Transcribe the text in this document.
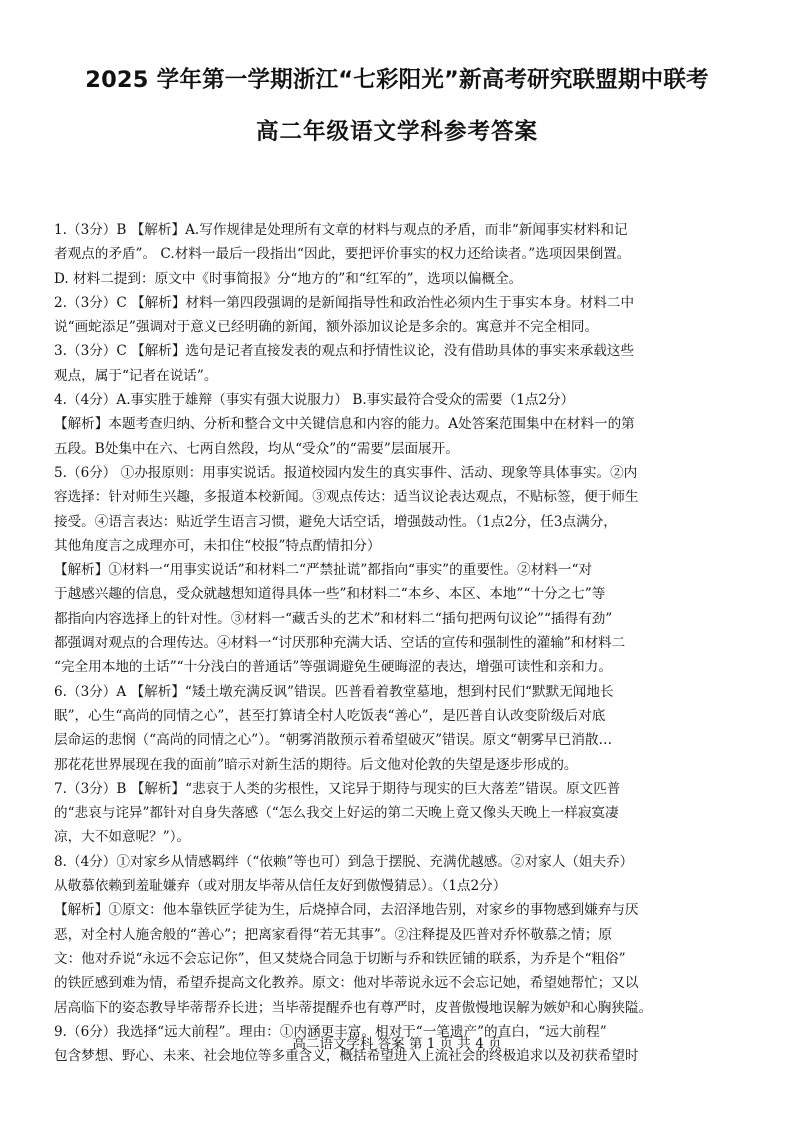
2025 学年第一学期浙江“七彩阳光”新高考研究联盟期中联考
高二年级语文学科参考答案
1.（3分）B 【解析】A.写作规律是处理所有文章的材料与观点的矛盾，而非“新闻事实材料和记
者观点的矛盾”。 C.材料一最后一段指出“因此，要把评价事实的权力还给读者。”选项因果倒置。
D. 材料二提到：原文中《时事简报》分“地方的”和“红军的”，选项以偏概全。
2.（3分）C 【解析】材料一第四段强调的是新闻指导性和政治性必须内生于事实本身。材料二中
说“画蛇添足”强调对于意义已经明确的新闻，额外添加议论是多余的。寓意并不完全相同。
3.（3分）C 【解析】选句是记者直接发表的观点和抒情性议论，没有借助具体的事实来承载这些
观点，属于“记者在说话”。
4.（4分）A.事实胜于雄辩（事实有强大说服力） B.事实最符合受众的需要（1点2分）
【解析】本题考查归纳、分析和整合文中关键信息和内容的能力。A处答案范围集中在材料一的第
五段。B处集中在六、七两自然段，均从“受众”的“需要”层面展开。
5.（6分） ①办报原则：用事实说话。报道校园内发生的真实事件、活动、现象等具体事实。②内
容选择：针对师生兴趣，多报道本校新闻。③观点传达：适当议论表达观点，不贴标签，便于师生
接受。④语言表达：贴近学生语言习惯，避免大话空话，增强鼓动性。（1点2分，任3点满分，
其他角度言之成理亦可，未扣住“校报”特点酌情扣分）
【解析】①材料一“用事实说话”和材料二“严禁扯谎”都指向“事实”的重要性。②材料一“对
于越感兴趣的信息，受众就越想知道得具体一些”和材料二“本乡、本区、本地”“十分之七”等
都指向内容选择上的针对性。③材料一“藏舌头的艺术”和材料二“插句把两句议论”“插得有劲”
都强调对观点的合理传达。④材料一“讨厌那种充满大话、空话的宣传和强制性的灌输”和材料二
“完全用本地的土话”“十分浅白的普通话”等强调避免生硬晦涩的表达，增强可读性和亲和力。
6.（3分）A 【解析】“矮土墩充满反讽”错误。匹普看着教堂墓地，想到村民们“默默无闻地长
眠”，心生“高尚的同情之心”，甚至打算请全村人吃饭表“善心”，是匹普自认改变阶级后对底
层命运的悲悯（“高尚的同情之心”）。“朝雾消散预示着希望破灭”错误。原文“朝雾早已消散…
那花花世界展现在我的面前”暗示对新生活的期待。后文他对伦敦的失望是逐步形成的。
7.（3分）B 【解析】“悲哀于人类的劣根性，又诧异于期待与现实的巨大落差”错误。原文匹普
的“悲哀与诧异”都针对自身失落感（“怎么我交上好运的第二天晚上竟又像头天晚上一样寂寞凄
凉，大不如意呢？”）。
8.（4分）①对家乡从情感羁绊（“依赖”等也可）到急于摆脱、充满优越感。②对家人（姐夫乔）
从敬慕依赖到羞耻嫌弃（或对朋友毕蒂从信任友好到傲慢猜忌）。（1点2分）
【解析】①原文：他本靠铁匠学徒为生，后烧掉合同，去沼泽地告别，对家乡的事物感到嫌弃与厌
恶，对全村人施舍般的“善心”；把离家看得“若无其事”。②注释提及匹普对乔怀敬慕之情；原
文：他对乔说“永远不会忘记你”，但又焚烧合同急于切断与乔和铁匠铺的联系，为乔是个“粗俗”
的铁匠感到难为情，希望乔提高文化教养。原文：他对毕蒂说永远不会忘记她，希望她帮忙；又以
居高临下的姿态教导毕蒂帮乔长进；当毕蒂提醒乔也有尊严时，皮普傲慢地误解为嫉妒和心胸狭隘。
9.（6分）我选择“远大前程”。理由：①内涵更丰富。相对于“一笔遗产”的直白，“远大前程”
包含梦想、野心、未来、社会地位等多重含义，概括希望进入上流社会的终极追求以及初获希望时
高二语文学科 答案 第 1 页 共 4 页
